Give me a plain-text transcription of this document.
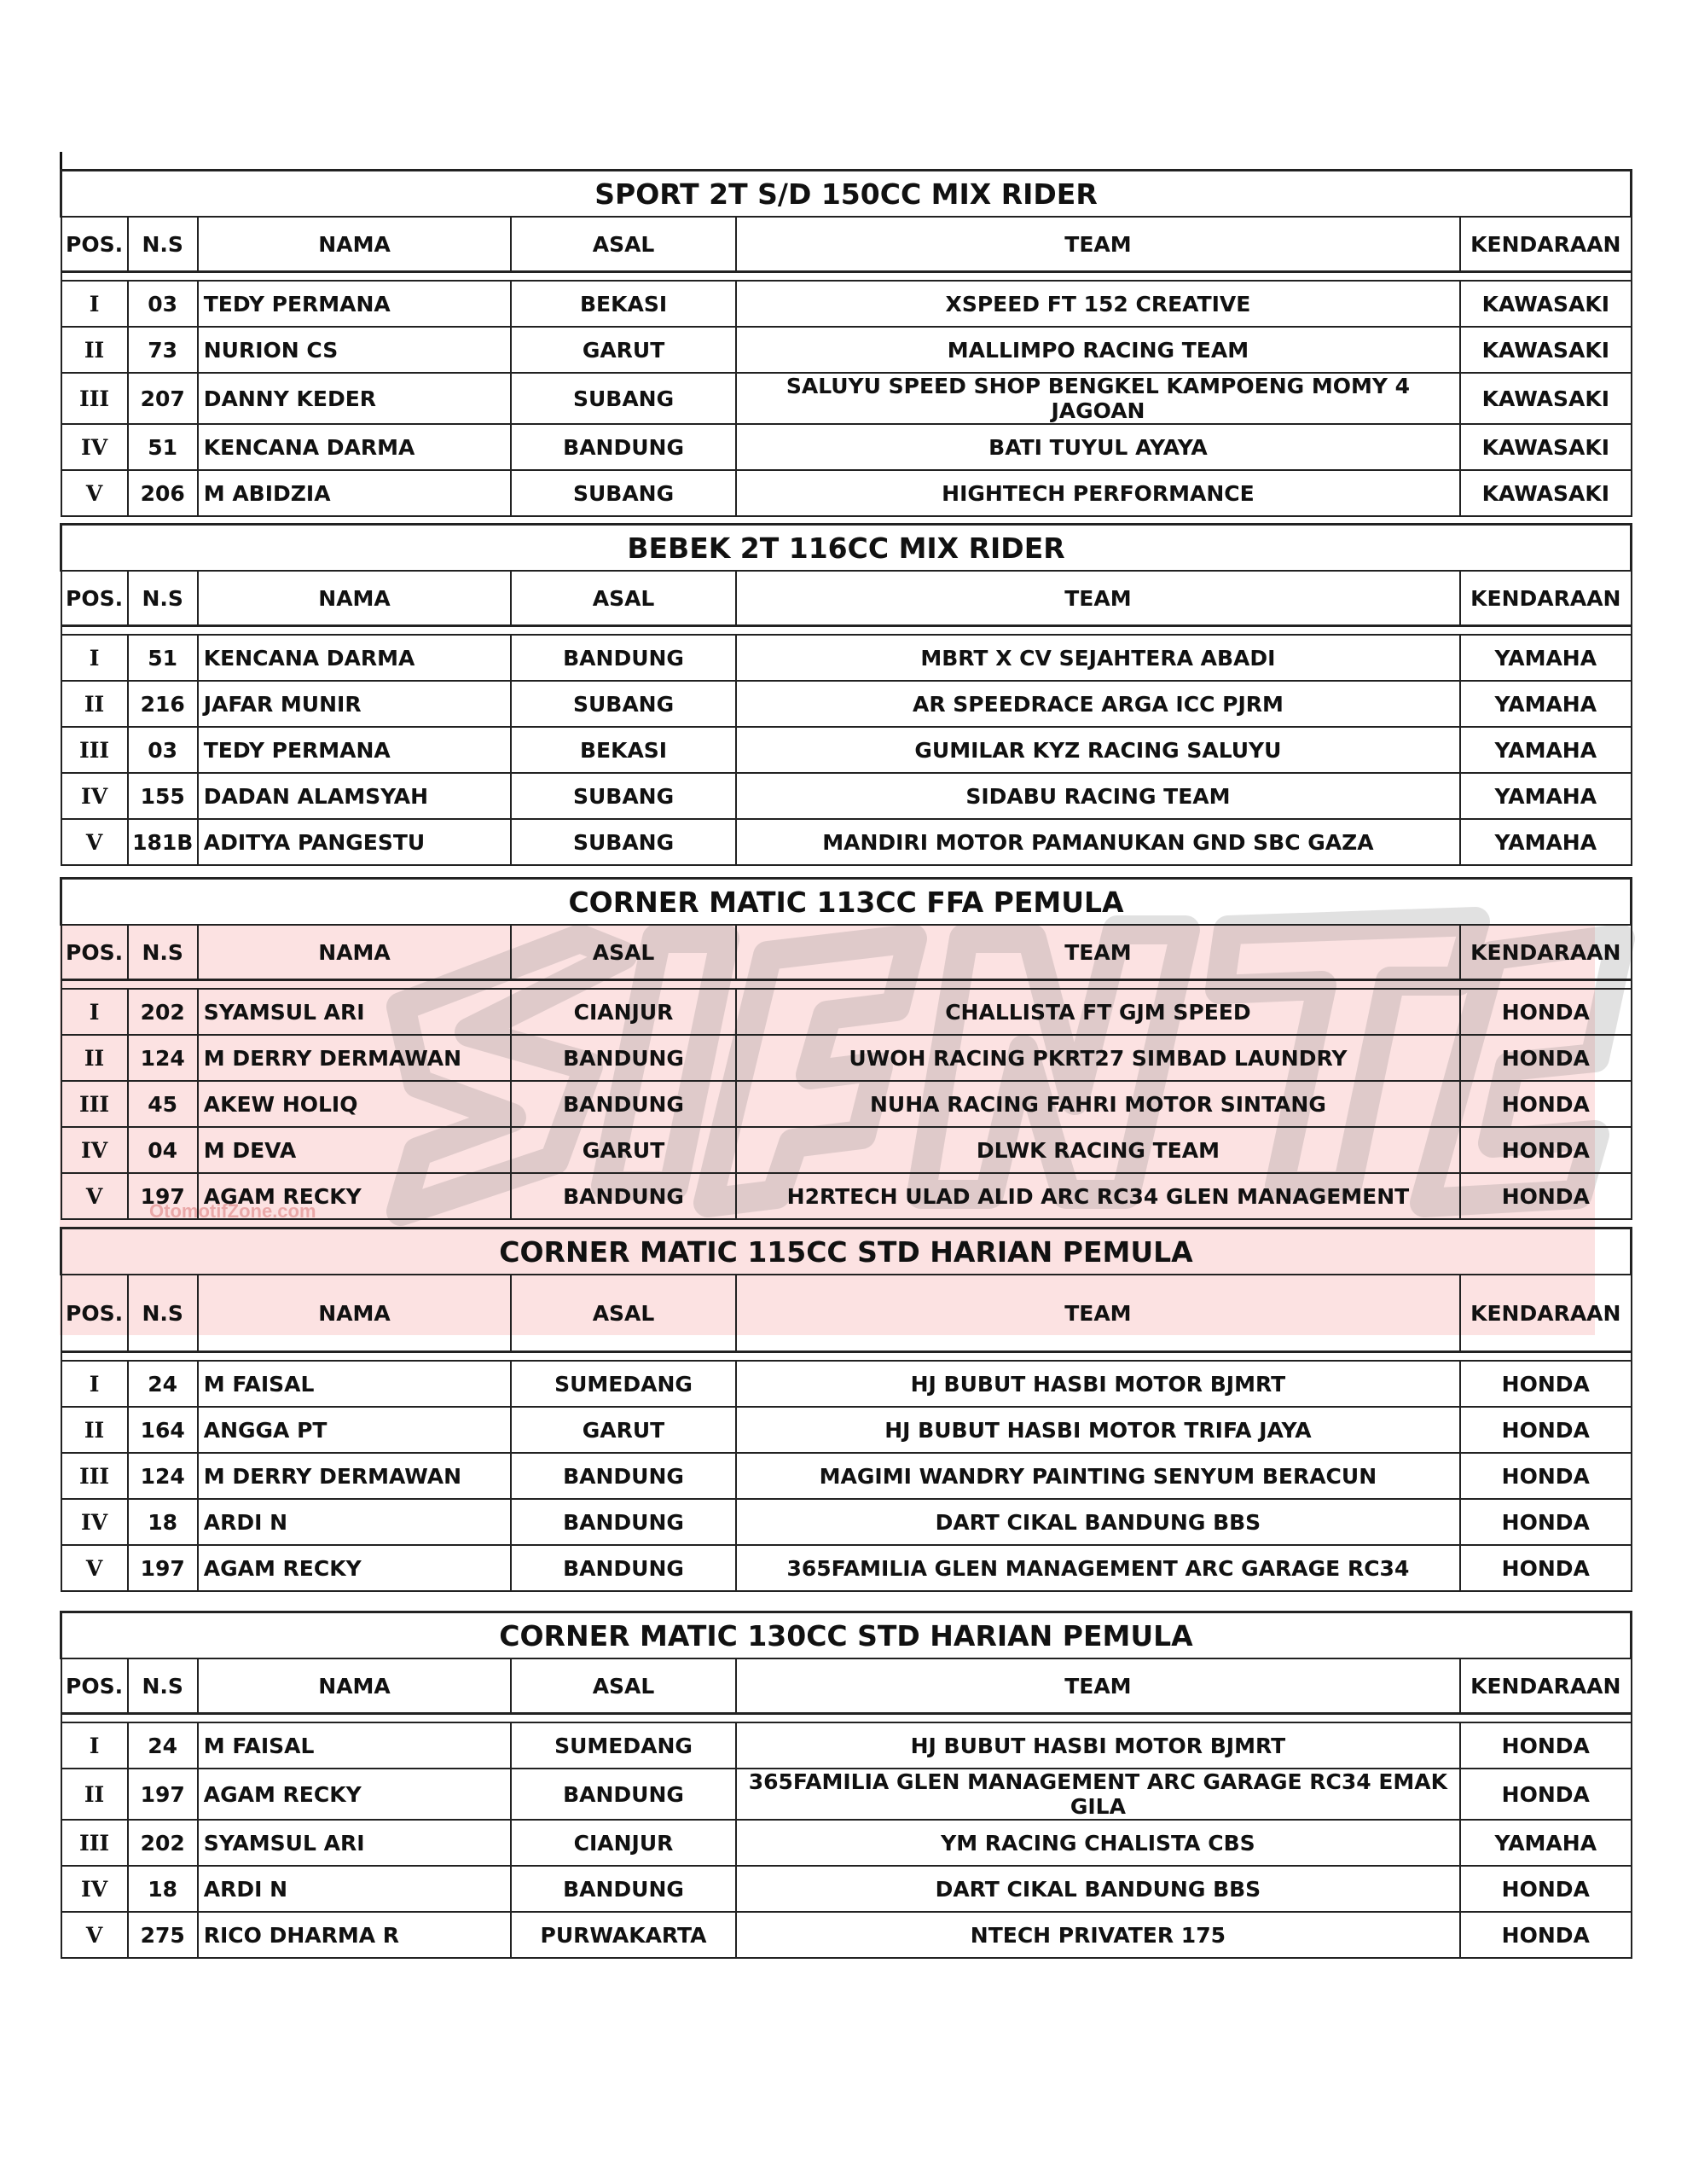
OtomotifZone.com
SPORT 2T S/D 150CC MIX RIDER					
POS.	N.S	NAMA	ASAL	TEAM	KENDARAAN

I	03	TEDY PERMANA	BEKASI	XSPEED FT 152 CREATIVE	KAWASAKI
II	73	NURION CS	GARUT	MALLIMPO RACING TEAM	KAWASAKI
III	207	DANNY KEDER	SUBANG	SALUYU SPEED SHOP BENGKEL KAMPOENG MOMY 4 JAGOAN	KAWASAKI
IV	51	KENCANA DARMA	BANDUNG	BATI TUYUL AYAYA	KAWASAKI
V	206	M ABIDZIA	SUBANG	HIGHTECH PERFORMANCE	KAWASAKI
BEBEK 2T 116CC MIX RIDER					
POS.	N.S	NAMA	ASAL	TEAM	KENDARAAN

I	51	KENCANA DARMA	BANDUNG	MBRT X CV SEJAHTERA ABADI	YAMAHA
II	216	JAFAR MUNIR	SUBANG	AR SPEEDRACE ARGA ICC PJRM	YAMAHA
III	03	TEDY PERMANA	BEKASI	GUMILAR KYZ RACING SALUYU	YAMAHA
IV	155	DADAN ALAMSYAH	SUBANG	SIDABU RACING TEAM	YAMAHA
V	181B	ADITYA PANGESTU	SUBANG	MANDIRI MOTOR PAMANUKAN GND SBC GAZA	YAMAHA
CORNER MATIC 113CC FFA PEMULA					
POS.	N.S	NAMA	ASAL	TEAM	KENDARAAN

I	202	SYAMSUL ARI	CIANJUR	CHALLISTA FT GJM SPEED	HONDA
II	124	M DERRY DERMAWAN	BANDUNG	UWOH RACING PKRT27 SIMBAD LAUNDRY	HONDA
III	45	AKEW HOLIQ	BANDUNG	NUHA RACING FAHRI MOTOR SINTANG	HONDA
IV	04	M DEVA	GARUT	DLWK RACING TEAM	HONDA
V	197	AGAM RECKY	BANDUNG	H2RTECH ULAD ALID ARC RC34 GLEN MANAGEMENT	HONDA
CORNER MATIC 115CC STD HARIAN PEMULA					
POS.	N.S	NAMA	ASAL	TEAM	KENDARAAN

I	24	M FAISAL	SUMEDANG	HJ BUBUT HASBI MOTOR BJMRT	HONDA
II	164	ANGGA PT	GARUT	HJ BUBUT HASBI MOTOR TRIFA JAYA	HONDA
III	124	M DERRY DERMAWAN	BANDUNG	MAGIMI WANDRY PAINTING SENYUM BERACUN	HONDA
IV	18	ARDI N	BANDUNG	DART CIKAL BANDUNG BBS	HONDA
V	197	AGAM RECKY	BANDUNG	365FAMILIA GLEN MANAGEMENT ARC GARAGE RC34	HONDA
CORNER MATIC 130CC STD HARIAN PEMULA					
POS.	N.S	NAMA	ASAL	TEAM	KENDARAAN

I	24	M FAISAL	SUMEDANG	HJ BUBUT HASBI MOTOR BJMRT	HONDA
II	197	AGAM RECKY	BANDUNG	365FAMILIA GLEN MANAGEMENT ARC GARAGE RC34 EMAK GILA	HONDA
III	202	SYAMSUL ARI	CIANJUR	YM RACING CHALISTA CBS	YAMAHA
IV	18	ARDI N	BANDUNG	DART CIKAL BANDUNG BBS	HONDA
V	275	RICO DHARMA R	PURWAKARTA	NTECH PRIVATER 175	HONDA
